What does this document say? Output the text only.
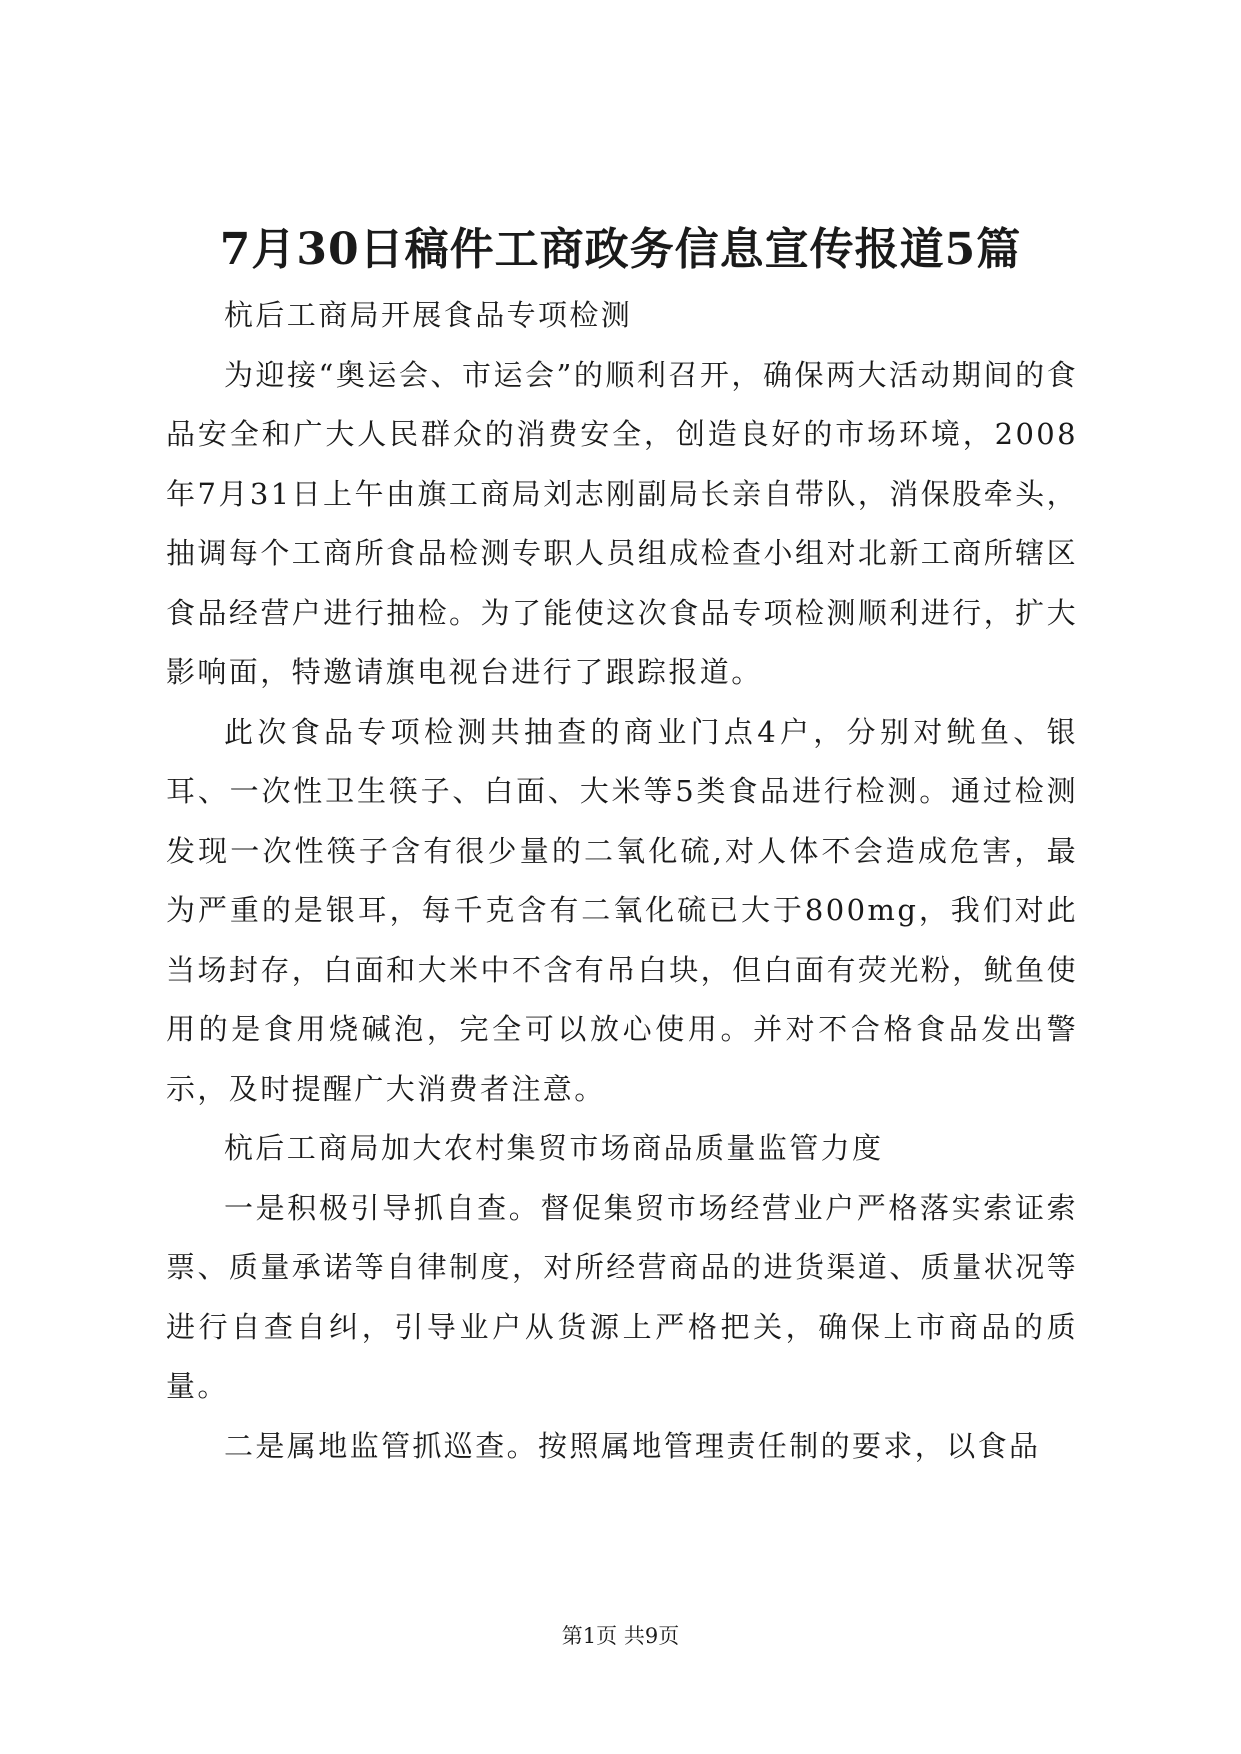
7月30日稿件工商政务信息宣传报道5篇

杭后工商局开展食品专项检测

为迎接“奥运会、市运会”的顺利召开，确保两大活动期间的食品安全和广大人民群众的消费安全，创造良好的市场环境，2008年7月31日上午由旗工商局刘志刚副局长亲自带队，消保股牵头，抽调每个工商所食品检测专职人员组成检查小组对北新工商所辖区食品经营户进行抽检。为了能使这次食品专项检测顺利进行，扩大影响面，特邀请旗电视台进行了跟踪报道。

此次食品专项检测共抽查的商业门点4户，分别对鱿鱼、银耳、一次性卫生筷子、白面、大米等5类食品进行检测。通过检测发现一次性筷子含有很少量的二氧化硫,对人体不会造成危害，最为严重的是银耳，每千克含有二氧化硫已大于800mg，我们对此当场封存，白面和大米中不含有吊白块，但白面有荧光粉，鱿鱼使用的是食用烧碱泡，完全可以放心使用。并对不合格食品发出警示，及时提醒广大消费者注意。

杭后工商局加大农村集贸市场商品质量监管力度

一是积极引导抓自查。督促集贸市场经营业户严格落实索证索票、质量承诺等自律制度，对所经营商品的进货渠道、质量状况等进行自查自纠，引导业户从货源上严格把关，确保上市商品的质量。

二是属地监管抓巡查。按照属地管理责任制的要求，以食品

第1页 共9页
